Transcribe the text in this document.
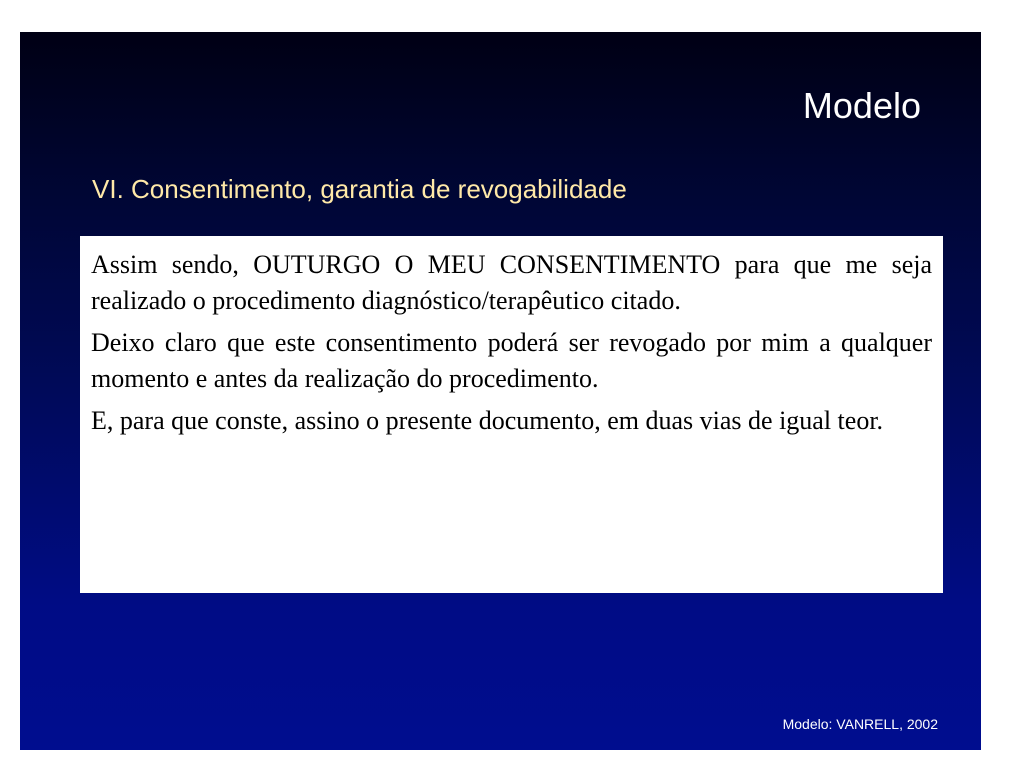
Modelo
VI. Consentimento, garantia de revogabilidade

Assim sendo, OUTURGO O MEU CONSENTIMENTO para que me seja realizado o procedimento diagnóstico/terapêutico citado.

Deixo claro que este consentimento poderá ser revogado por mim a qualquer momento e antes da realização do procedimento.

E, para que conste, assino o presente documento, em duas vias de igual teor.

Modelo: VANRELL, 2002
